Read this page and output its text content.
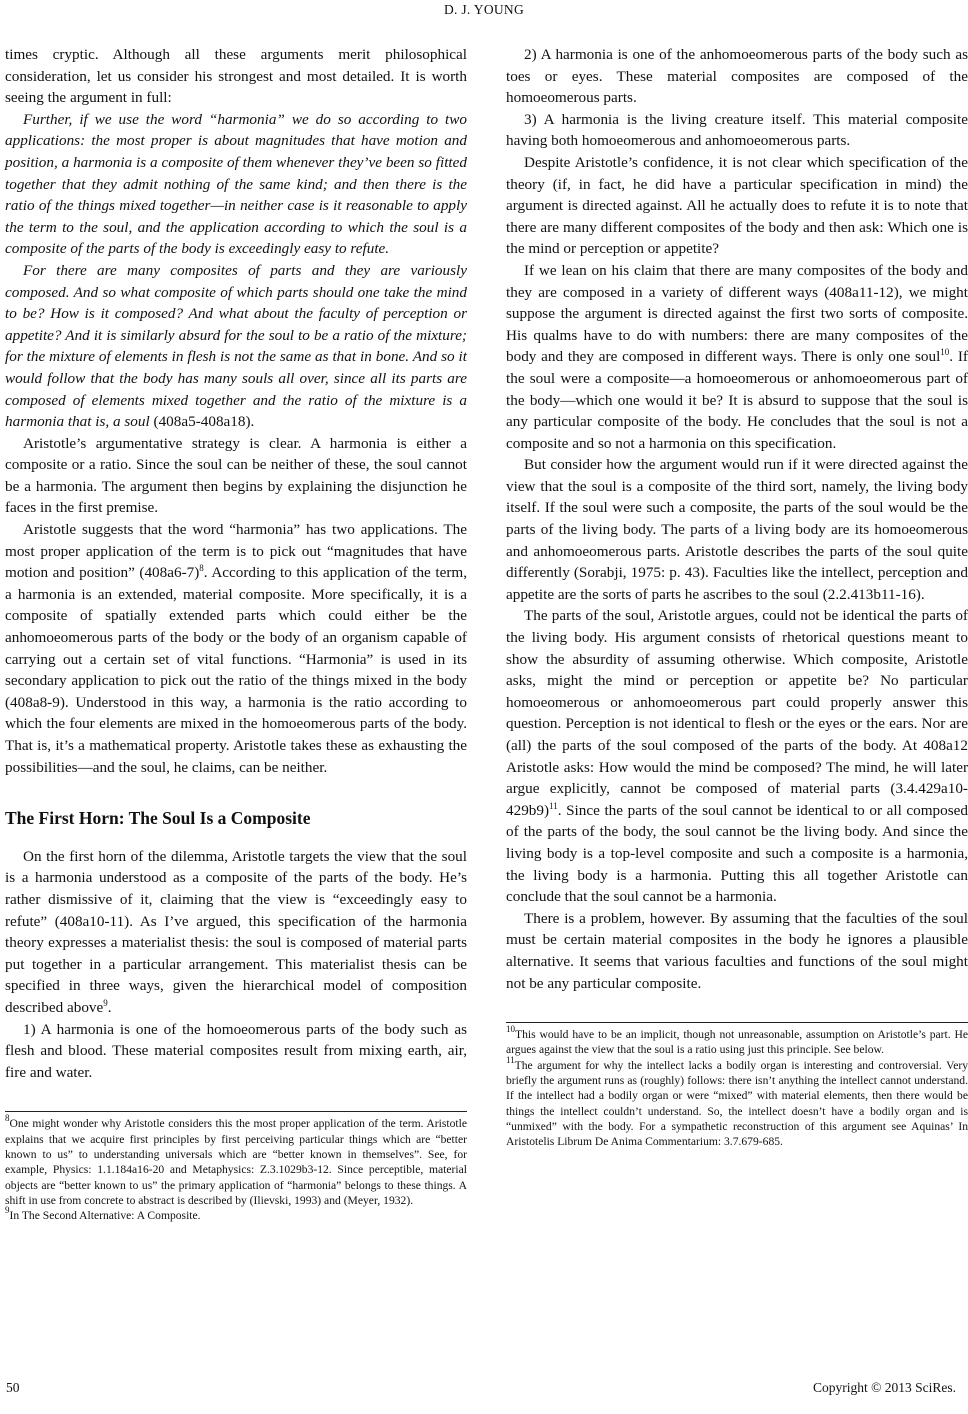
D. J. YOUNG

times cryptic. Although all these arguments merit philosophical consideration, let us consider his strongest and most detailed. It is worth seeing the argument in full:

Further, if we use the word “harmonia” we do so according to two applications: the most proper is about magnitudes that have motion and position, a harmonia is a composite of them whenever they’ve been so fitted together that they admit nothing of the same kind; and then there is the ratio of the things mixed together—in neither case is it reasonable to apply the term to the soul, and the application according to which the soul is a composite of the parts of the body is exceedingly easy to refute.

For there are many composites of parts and they are variously composed. And so what composite of which parts should one take the mind to be? How is it composed? And what about the faculty of perception or appetite? And it is similarly absurd for the soul to be a ratio of the mixture; for the mixture of elements in flesh is not the same as that in bone. And so it would follow that the body has many souls all over, since all its parts are composed of elements mixed together and the ratio of the mixture is a harmonia that is, a soul (408a5-408a18).

Aristotle’s argumentative strategy is clear. A harmonia is either a composite or a ratio. Since the soul can be neither of these, the soul cannot be a harmonia. The argument then begins by explaining the disjunction he faces in the first premise.

Aristotle suggests that the word “harmonia” has two applications. The most proper application of the term is to pick out “magnitudes that have motion and position” $(408a6-7)^8$. According to this application of the term, a harmonia is an extended, material composite. More specifically, it is a composite of spatially extended parts which could either be the anhomoeomerous parts of the body or the body of an organism capable of carrying out a certain set of vital functions. “Harmonia” is used in its secondary application to pick out the ratio of the things mixed in the body (408a8-9). Understood in this way, a harmonia is the ratio according to which the four elements are mixed in the homoeomerous parts of the body. That is, it’s a mathematical property. Aristotle takes these as exhausting the possibilities—and the soul, he claims, can be neither.

The First Horn: The Soul Is a Composite

On the first horn of the dilemma, Aristotle targets the view that the soul is a harmonia understood as a composite of the parts of the body. He’s rather dismissive of it, claiming that the view is “exceedingly easy to refute” (408a10-11). As I’ve argued, this specification of the harmonia theory expresses a materialist thesis: the soul is composed of material parts put together in a particular arrangement. This materialist thesis can be specified in three ways, given the hierarchical model of composition described above$^9$.

1) A harmonia is one of the homoeomerous parts of the body such as flesh and blood. These material composites result from mixing earth, air, fire and water.

$^8$One might wonder why Aristotle considers this the most proper application of the term. Aristotle explains that we acquire first principles by first perceiving particular things which are “better known to us” to understanding universals which are “better known in themselves”. See, for example, Physics: 1.1.184a16-20 and Metaphysics: Z.3.1029b3-12. Since perceptible, material objects are “better known to us” the primary application of “harmonia” belongs to these things. A shift in use from concrete to abstract is described by (Ilievski, 1993) and (Meyer, 1932).

$^9$In The Second Alternative: A Composite.

2) A harmonia is one of the anhomoeomerous parts of the body such as toes or eyes. These material composites are composed of the homoeomerous parts.

3) A harmonia is the living creature itself. This material composite having both homoeomerous and anhomoeomerous parts.

Despite Aristotle’s confidence, it is not clear which specification of the theory (if, in fact, he did have a particular specification in mind) the argument is directed against. All he actually does to refute it is to note that there are many different composites of the body and then ask: Which one is the mind or perception or appetite?

If we lean on his claim that there are many composites of the body and they are composed in a variety of different ways (408a11-12), we might suppose the argument is directed against the first two sorts of composite. His qualms have to do with numbers: there are many composites of the body and they are composed in different ways. There is only one soul$^{10}$. If the soul were a composite—a homoeomerous or anhomoeomerous part of the body—which one would it be? It is absurd to suppose that the soul is any particular composite of the body. He concludes that the soul is not a composite and so not a harmonia on this specification.

But consider how the argument would run if it were directed against the view that the soul is a composite of the third sort, namely, the living body itself. If the soul were such a composite, the parts of the soul would be the parts of the living body. The parts of a living body are its homoeomerous and anhomoeomerous parts. Aristotle describes the parts of the soul quite differently (Sorabji, 1975: p. 43). Faculties like the intellect, perception and appetite are the sorts of parts he ascribes to the soul (2.2.413b11-16).

The parts of the soul, Aristotle argues, could not be identical the parts of the living body. His argument consists of rhetorical questions meant to show the absurdity of assuming otherwise. Which composite, Aristotle asks, might the mind or perception or appetite be? No particular homoeomerous or anhomoeomerous part could properly answer this question. Perception is not identical to flesh or the eyes or the ears. Nor are (all) the parts of the soul composed of the parts of the body. At 408a12 Aristotle asks: How would the mind be composed? The mind, he will later argue explicitly, cannot be composed of material parts $(3.4.429a10-429b9)^{11}$. Since the parts of the soul cannot be identical to or all composed of the parts of the body, the soul cannot be the living body. And since the living body is a top-level composite and such a composite is a harmonia, the living body is a harmonia. Putting this all together Aristotle can conclude that the soul cannot be a harmonia.

There is a problem, however. By assuming that the faculties of the soul must be certain material composites in the body he ignores a plausible alternative. It seems that various faculties and functions of the soul might not be any particular composite.

$^{10}$This would have to be an implicit, though not unreasonable, assumption on Aristotle’s part. He argues against the view that the soul is a ratio using just this principle. See below.

$^{11}$The argument for why the intellect lacks a bodily organ is interesting and controversial. Very briefly the argument runs as (roughly) follows: there isn’t anything the intellect cannot understand. If the intellect had a bodily organ or were “mixed” with material elements, then there would be things the intellect couldn’t understand. So, the intellect doesn’t have a bodily organ and is “unmixed” with the body. For a sympathetic reconstruction of this argument see Aquinas’ In Aristotelis Librum De Anima Commentarium: 3.7.679-685.

50	Copyright © 2013 SciRes.
